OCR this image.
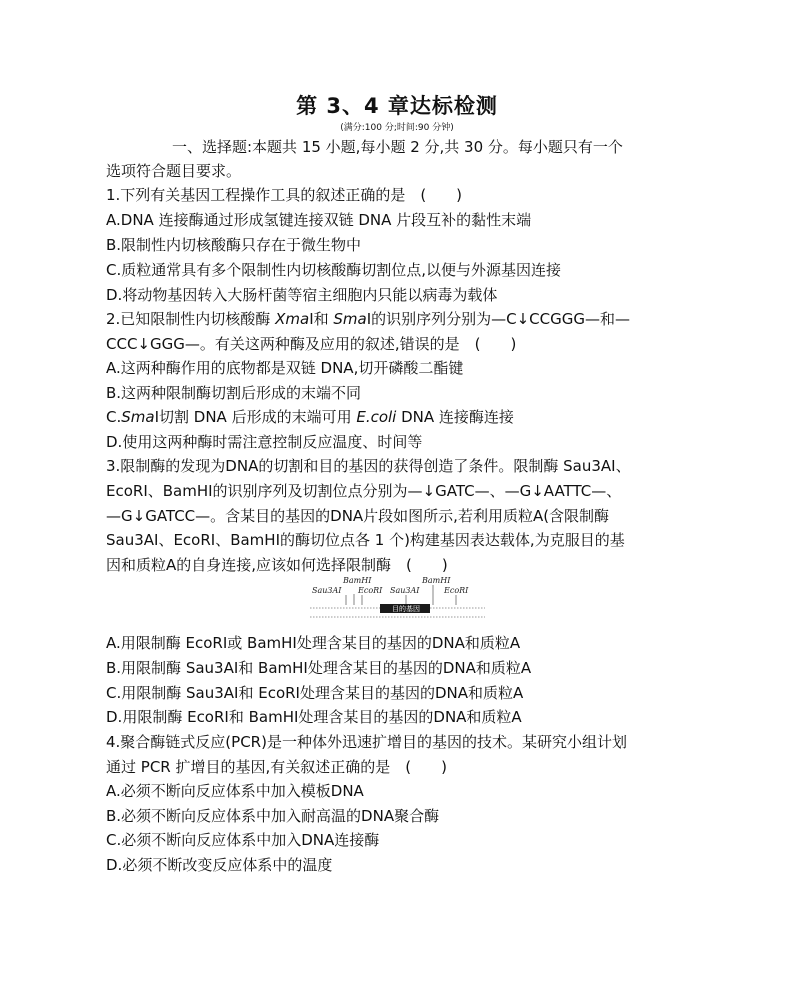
第 3、4 章达标检测
(满分:100 分;时间:90 分钟)
一、选择题:本题共 15 小题,每小题 2 分,共 30 分。每小题只有一个
选项符合题目要求。
1.下列有关基因工程操作工具的叙述正确的是　(　　)
A.DNA 连接酶通过形成氢键连接双链 DNA 片段互补的黏性末端
B.限制性内切核酸酶只存在于微生物中
C.质粒通常具有多个限制性内切核酸酶切割位点,以便与外源基因连接
D.将动物基因转入大肠杆菌等宿主细胞内只能以病毒为载体
2.已知限制性内切核酸酶 XmaⅠ和 SmaⅠ的识别序列分别为—C↓CCGGG—和—
CCC↓GGG—。有关这两种酶及应用的叙述,错误的是　(　　)
A.这两种酶作用的底物都是双链 DNA,切开磷酸二酯键
B.这两种限制酶切割后形成的末端不同
C.SmaⅠ切割 DNA 后形成的末端可用 E.coli DNA 连接酶连接
D.使用这两种酶时需注意控制反应温度、时间等
3.限制酶的发现为DNA的切割和目的基因的获得创造了条件。限制酶 Sau3AⅠ、
EcoRⅠ、BamHⅠ的识别序列及切割位点分别为—↓GATC—、—G↓AATTC—、
—G↓GATCC—。含某目的基因的DNA片段如图所示,若利用质粒A(含限制酶
Sau3AⅠ、EcoRⅠ、BamHⅠ的酶切位点各 1 个)构建基因表达载体,为克服目的基
因和质粒A的自身连接,应该如何选择限制酶　(　　)
BamHⅠ
Sau3AⅠ EcoRⅠ Sau3AⅠ
BamHⅠ
EcoRⅠ
目的基因
A.用限制酶 EcoRⅠ或 BamHⅠ处理含某目的基因的DNA和质粒A
B.用限制酶 Sau3AⅠ和 BamHⅠ处理含某目的基因的DNA和质粒A
C.用限制酶 Sau3AⅠ和 EcoRⅠ处理含某目的基因的DNA和质粒A
D.用限制酶 EcoRⅠ和 BamHⅠ处理含某目的基因的DNA和质粒A
4.聚合酶链式反应(PCR)是一种体外迅速扩增目的基因的技术。某研究小组计划
通过 PCR 扩增目的基因,有关叙述正确的是　(　　)
A.必须不断向反应体系中加入模板DNA
B.必须不断向反应体系中加入耐高温的DNA聚合酶
C.必须不断向反应体系中加入DNA连接酶
D.必须不断改变反应体系中的温度
